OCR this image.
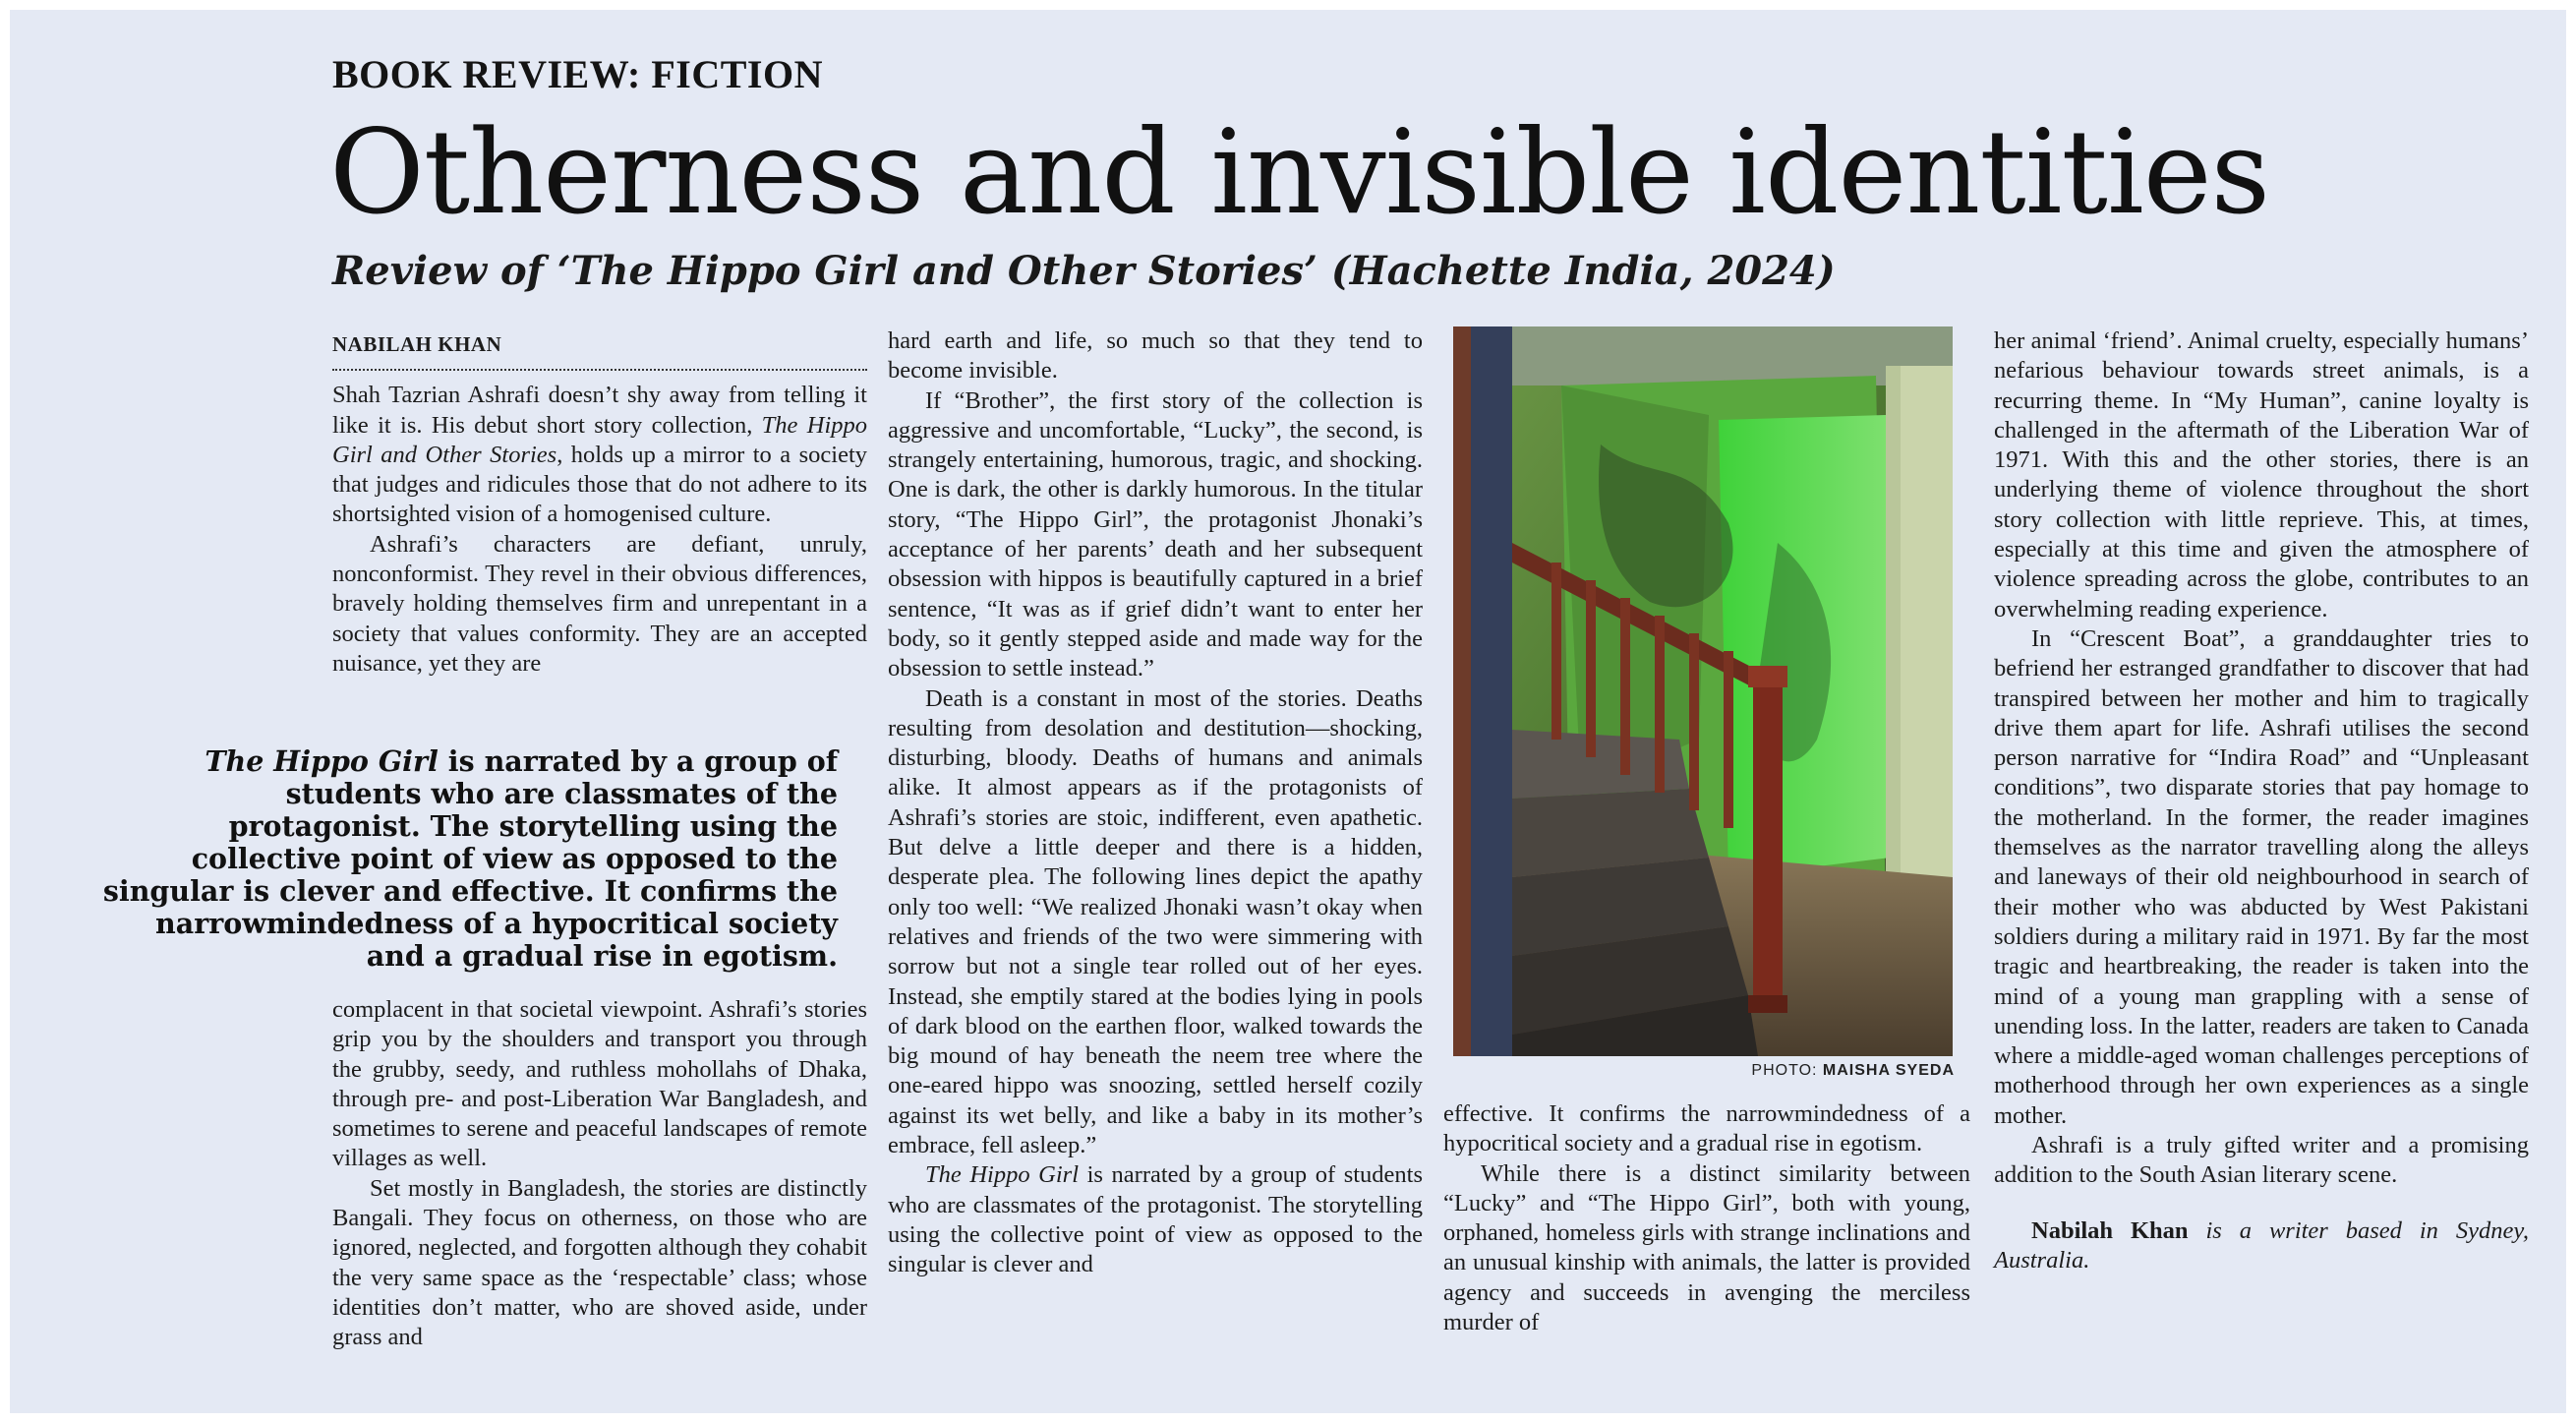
BOOK REVIEW: FICTION
Otherness and invisible identities
Review of ‘The Hippo Girl and Other Stories’ (Hachette India, 2024)
NABILAH KHAN

Shah Tazrian Ashrafi doesn’t shy away from telling it like it is. His debut short story collection, The Hippo Girl and Other Stories, holds up a mirror to a society that judges and ridicules those that do not adhere to its shortsighted vision of a homogenised culture.

Ashrafi’s characters are defiant, unruly, nonconformist. They revel in their obvious differences, bravely holding themselves firm and unrepentant in a society that values conformity. They are an accepted nuisance, yet they are

The Hippo Girl is narrated by a group of students who are classmates of the protagonist. The storytelling using the collective point of view as opposed to the singular is clever and effective. It confirms the narrowmindedness of a hypocritical society and a gradual rise in egotism.

complacent in that societal viewpoint. Ashrafi’s stories grip you by the shoulders and transport you through the grubby, seedy, and ruthless mohollahs of Dhaka, through pre- and post-Liberation War Bangladesh, and sometimes to serene and peaceful landscapes of remote villages as well.

Set mostly in Bangladesh, the stories are distinctly Bangali. They focus on otherness, on those who are ignored, neglected, and forgotten although they cohabit the very same space as the ‘respectable’ class; whose identities don’t matter, who are shoved aside, under grass and

hard earth and life, so much so that they tend to become invisible.

If “Brother”, the first story of the collection is aggressive and uncomfortable, “Lucky”, the second, is strangely entertaining, humorous, tragic, and shocking. One is dark, the other is darkly humorous. In the titular story, “The Hippo Girl”, the protagonist Jhonaki’s acceptance of her parents’ death and her subsequent obsession with hippos is beautifully captured in a brief sentence, “It was as if grief didn’t want to enter her body, so it gently stepped aside and made way for the obsession to settle instead.”

Death is a constant in most of the stories. Deaths resulting from desolation and destitution—shocking, disturbing, bloody. Deaths of humans and animals alike. It almost appears as if the protagonists of Ashrafi’s stories are stoic, indifferent, even apathetic. But delve a little deeper and there is a hidden, desperate plea. The following lines depict the apathy only too well: “We realized Jhonaki wasn’t okay when relatives and friends of the two were simmering with sorrow but not a single tear rolled out of her eyes. Instead, she emptily stared at the bodies lying in pools of dark blood on the earthen floor, walked towards the big mound of hay beneath the neem tree where the one-eared hippo was snoozing, settled herself cozily against its wet belly, and like a baby in its mother’s embrace, fell asleep.”

The Hippo Girl is narrated by a group of students who are classmates of the protagonist. The storytelling using the collective point of view as opposed to the singular is clever and

PHOTO: MAISHA SYEDA

effective. It confirms the narrowmindedness of a hypocritical society and a gradual rise in egotism.

While there is a distinct similarity between “Lucky” and “The Hippo Girl”, both with young, orphaned, homeless girls with strange inclinations and an unusual kinship with animals, the latter is provided agency and succeeds in avenging the merciless murder of

her animal ‘friend’. Animal cruelty, especially humans’ nefarious behaviour towards street animals, is a recurring theme. In “My Human”, canine loyalty is challenged in the aftermath of the Liberation War of 1971. With this and the other stories, there is an underlying theme of violence throughout the short story collection with little reprieve. This, at times, especially at this time and given the atmosphere of violence spreading across the globe, contributes to an overwhelming reading experience.

In “Crescent Boat”, a granddaughter tries to befriend her estranged grandfather to discover that had transpired between her mother and him to tragically drive them apart for life. Ashrafi utilises the second person narrative for “Indira Road” and “Unpleasant conditions”, two disparate stories that pay homage to the motherland. In the former, the reader imagines themselves as the narrator travelling along the alleys and laneways of their old neighbourhood in search of their mother who was abducted by West Pakistani soldiers during a military raid in 1971. By far the most tragic and heartbreaking, the reader is taken into the mind of a young man grappling with a sense of unending loss. In the latter, readers are taken to Canada where a middle-aged woman challenges perceptions of motherhood through her own experiences as a single mother.

Ashrafi is a truly gifted writer and a promising addition to the South Asian literary scene.

Nabilah Khan is a writer based in Sydney, Australia.
